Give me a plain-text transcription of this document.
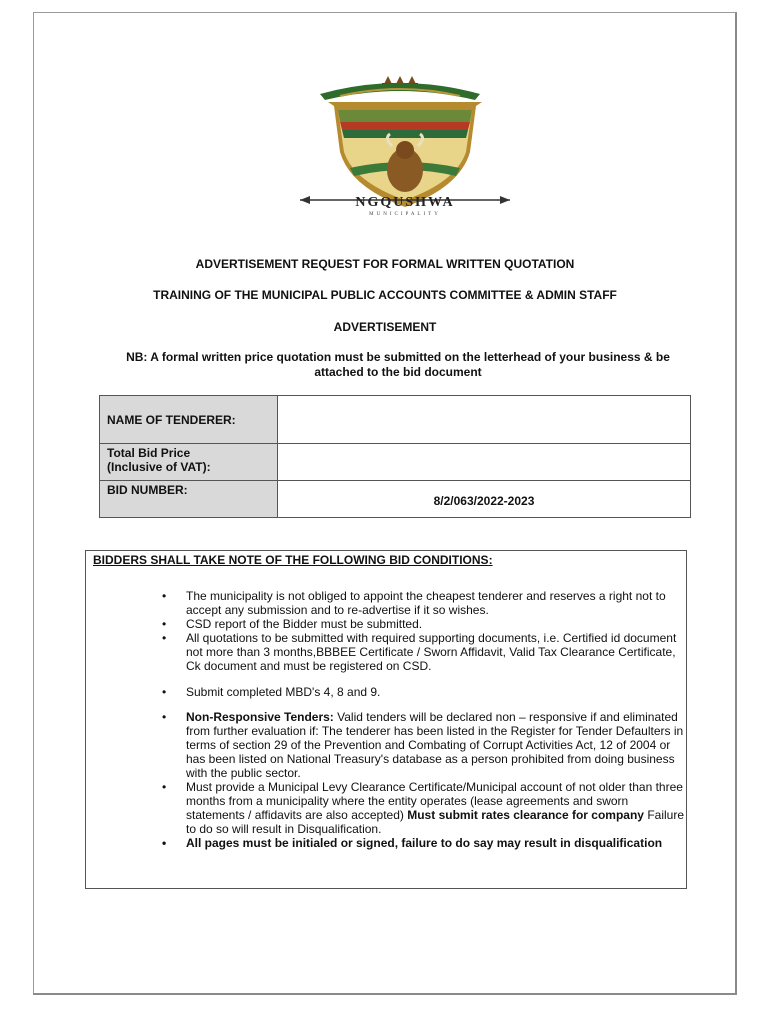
NGQUSHWA
MUNICIPALITY
ADVERTISEMENT REQUEST FOR FORMAL WRITTEN QUOTATION
TRAINING OF THE MUNICIPAL PUBLIC ACCOUNTS COMMITTEE & ADMIN STAFF
ADVERTISEMENT
NB: A formal written price quotation must be submitted on the letterhead of your business & be
attached to the bid document
NAME OF TENDERER:	

Total Bid Price
(Inclusive of VAT):	

BID NUMBER:	8/2/063/2022-2023
BIDDERS SHALL TAKE NOTE OF THE FOLLOWING BID CONDITIONS:
• The municipality is not obliged to appoint the cheapest tenderer and reserves a right not to accept any submission and to re-advertise if it so wishes.
• CSD report of the Bidder must be submitted.
• All quotations to be submitted with required supporting documents, i.e. Certified id document not more than 3 months,BBBEE Certificate / Sworn Affidavit, Valid Tax Clearance Certificate, Ck document and must be registered on CSD.
• Submit completed MBD's 4, 8 and 9.
• Non-Responsive Tenders: Valid tenders will be declared non – responsive if and eliminated from further evaluation if: The tenderer has been listed in the Register for Tender Defaulters in terms of section 29 of the Prevention and Combating of Corrupt Activities Act, 12 of 2004 or has been listed on National Treasury's database as a person prohibited from doing business with the public sector.
• Must provide a Municipal Levy Clearance Certificate/Municipal account of not older than three months from a municipality where the entity operates (lease agreements and sworn statements / affidavits are also accepted) Must submit rates clearance for company Failure to do so will result in Disqualification.
• All pages must be initialed or signed, failure to do say may result in disqualification
